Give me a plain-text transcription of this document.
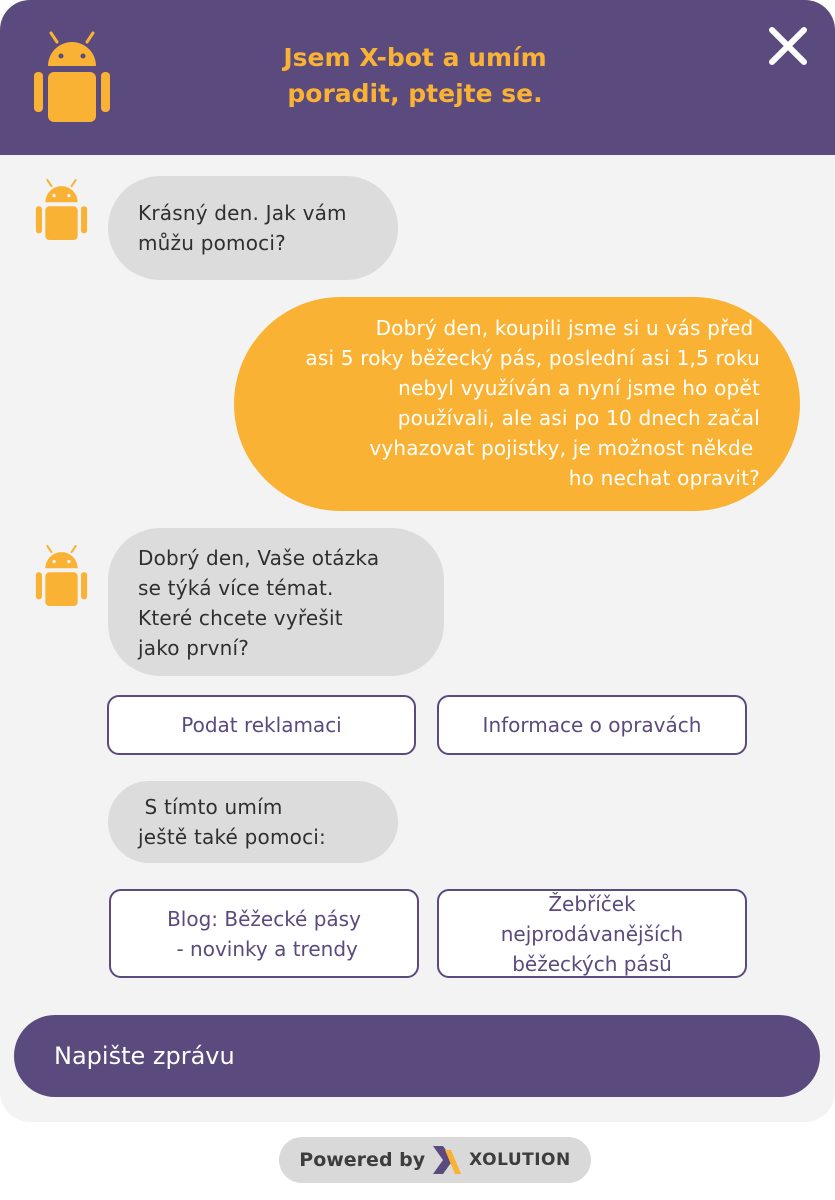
Jsem X-bot a umím
poradit, ptejte se.
Krásný den. Jak vám
můžu pomoci?
Dobrý den, koupili jsme si u vás před
asi 5 roky běžecký pás, poslední asi 1,5 roku
nebyl využíván a nyní jsme ho opět
používali, ale asi po 10 dnech začal
vyhazovat pojistky, je možnost někde
ho nechat opravit?
Dobrý den, Vaše otázka
se týká více témat.
Které chcete vyřešit
jako první?
Podat reklamaci	Informace o opravách
S tímto umím
ještě také pomoci:
Blog: Běžecké pásy
- novinky a trendy
Žebříček
nejprodávanějších
běžeckých pásů
Napište zprávu
Powered by	XOLUTION
